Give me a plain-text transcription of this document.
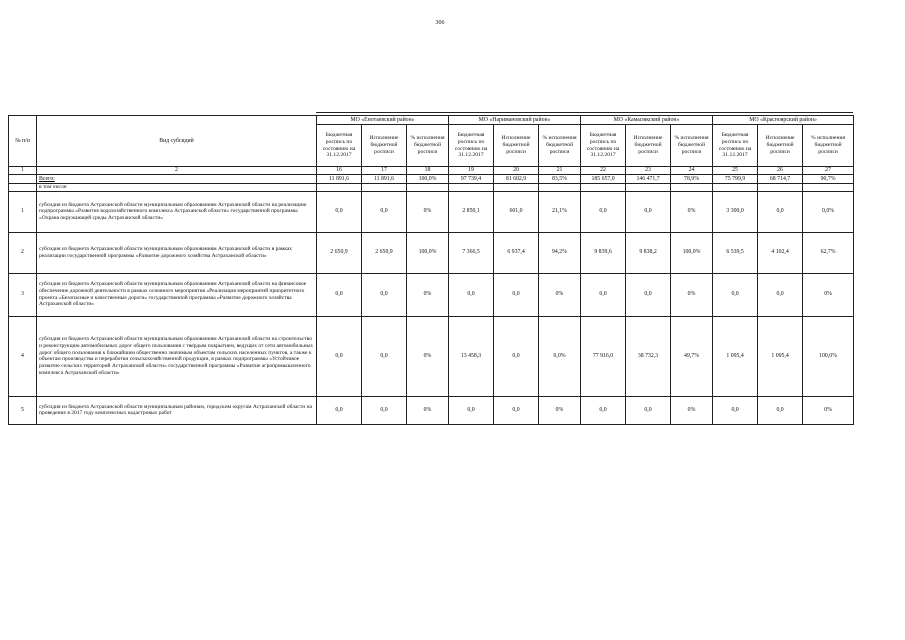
306
№ п/п	Вид субсидий	МО «Енотаевский район»			МО «Наримановский район»			МО «Камызякский район»			МО «Красноярский район»		
		Бюджетная роспись по состоянию на 31.12.2017	Исполнение бюджетной росписи	% исполнения бюджетной росписи	Бюджетная роспись по состоянию на 31.12.2017	Исполнение бюджетной росписи	% исполнения бюджетной росписи	Бюджетная роспись по состоянию на 31.12.2017	Исполнение бюджетной росписи	% исполнения бюджетной росписи	Бюджетная роспись по состоянию на 31.12.2017	Исполнение бюджетной росписи	% исполнения бюджетной росписи
1	2	16	17	18	19	20	21	22	23	24	25	26	27
	Всего:	11 891,6	11 891,6	100,0%	97 739,4	81 602,9	83,5%	185 657,0	146 471,7	78,9%	75 799,9	68 714,7	90,7%
	в том числе:												
1	субсидия из бюджета Астраханской области муниципальным образованиям Астраханской области на реализацию подпрограммы «Развитие водохозяйственного комплекса Астраханской области» государственной программы «Охрана окружающей среды Астраханской области»	0,0	0,0	0%	2 850,1	601,0	21,1%	0,0	0,0	0%	3 300,0	0,0	0,0%
2	субсидия из бюджета Астраханской области муниципальным образованиям Астраханской области в рамках реализации государственной программы «Развитие дорожного хозяйства Астраханской области»	2 650,9	2 650,9	100,0%	7 366,5	6 937,4	94,2%	9 839,6	9 838,2	100,0%	6 539,5	4 102,4	62,7%
3	субсидия из бюджета Астраханской области муниципальным образованиям Астраханской области на финансовое обеспечение дорожной деятельности в рамках основного мероприятия «Реализация мероприятий приоритетного проекта «Безопасные и качественные дороги» государственной программы «Развитие дорожного хозяйства Астраханской области»	0,0	0,0	0%	0,0	0,0	0%	0,0	0,0	0%	0,0	0,0	0%
4	субсидия из бюджета Астраханской области муниципальным образованиям Астраханской области на строительство и реконструкцию автомобильных дорог общего пользования с твердым покрытием, ведущих от сети автомобильных дорог общего пользования к ближайшим общественно значимым объектам сельских населенных пунктов, а также к объектам производства и переработки сельскохозяйственной продукции, в рамках подпрограммы «Устойчивое развитие сельских территорий Астраханской области» государственной программы «Развитие агропромышленного комплекса Астраханской области»	0,0	0,0	0%	13 458,3	0,0	0,0%	77 916,0	38 732,3	49,7%	1 095,4	1 095,4	100,0%
5	субсидия из бюджета Астраханской области муниципальным районам, городским округам Астраханской области на проведение в 2017 году комплексных кадастровых работ	0,0	0,0	0%	0,0	0,0	0%	0,0	0,0	0%	0,0	0,0	0%
